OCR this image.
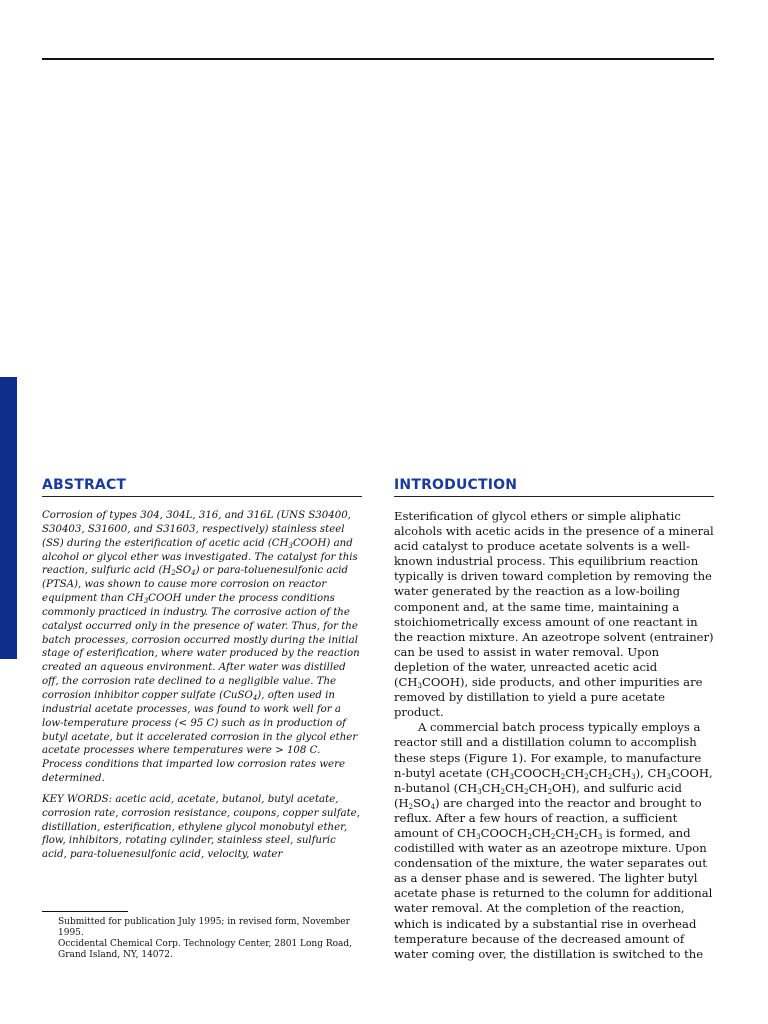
ABSTRACT

Corrosion of types 304, 304L, 316, and 316L (UNS S30400, S30403, S31600, and S31603, respectively) stainless steel (SS) during the esterification of acetic acid $(CH_3COOH)$ and alcohol or glycol ether was investigated. The catalyst for this reaction, sulfuric acid $(H_2SO_4)$ or para-toluenesulfonic acid (PTSA), was shown to cause more corrosion on reactor equipment than $CH_3COOH$ under the process conditions commonly practiced in industry. The corrosive action of the catalyst occurred only in the presence of water. Thus, for the batch processes, corrosion occurred mostly during the initial stage of esterification, where water produced by the reaction created an aqueous environment. After water was distilled off, the corrosion rate declined to a negligible value. The corrosion inhibitor copper sulfate (CuSO$_4$), often used in industrial acetate processes, was found to work well for a low-temperature process (< 95 C) such as in production of butyl acetate, but it accelerated corrosion in the glycol ether acetate processes where temperatures were > 108 C. Process conditions that imparted low corrosion rates were determined.

KEY WORDS: acetic acid, acetate, butanol, butyl acetate, corrosion rate, corrosion resistance, coupons, copper sulfate, distillation, esterification, ethylene glycol monobutyl ether, flow, inhibitors, rotating cylinder, stainless steel, sulfuric acid, para-toluenesulfonic acid, velocity, water

INTRODUCTION

Esterification of glycol ethers or simple aliphatic alcohols with acetic acids in the presence of a mineral acid catalyst to produce acetate solvents is a well-known industrial process. This equilibrium reaction typically is driven toward completion by removing the water generated by the reaction as a low-boiling component and, at the same time, maintaining a stoichiometrically excess amount of one reactant in the reaction mixture. An azeotrope solvent (entrainer) can be used to assist in water removal. Upon depletion of the water, unreacted acetic acid $(CH_3COOH)$, side products, and other impurities are removed by distillation to yield a pure acetate product.

A commercial batch process typically employs a reactor still and a distillation column to accomplish these steps (Figure 1). For example, to manufacture n-butyl acetate $(CH_3COOCH_2CH_2CH_2CH_3)$, $CH_3COOH$, n-butanol $(CH_3CH_2CH_2CH_2OH)$, and sulfuric acid $(H_2SO_4)$ are charged into the reactor and brought to reflux. After a few hours of reaction, a sufficient amount of $CH_3COOCH_2CH_2CH_2CH_3$ is formed, and codistilled with water as an azeotrope mixture. Upon condensation of the mixture, the water separates out as a denser phase and is sewered. The lighter butyl acetate phase is returned to the column for additional water removal. At the completion of the reaction, which is indicated by a substantial rise in overhead temperature because of the decreased amount of water coming over, the distillation is switched to the

Submitted for publication July 1995; in revised form, November 1995.

Occidental Chemical Corp. Technology Center, 2801 Long Road, Grand Island, NY, 14072.
